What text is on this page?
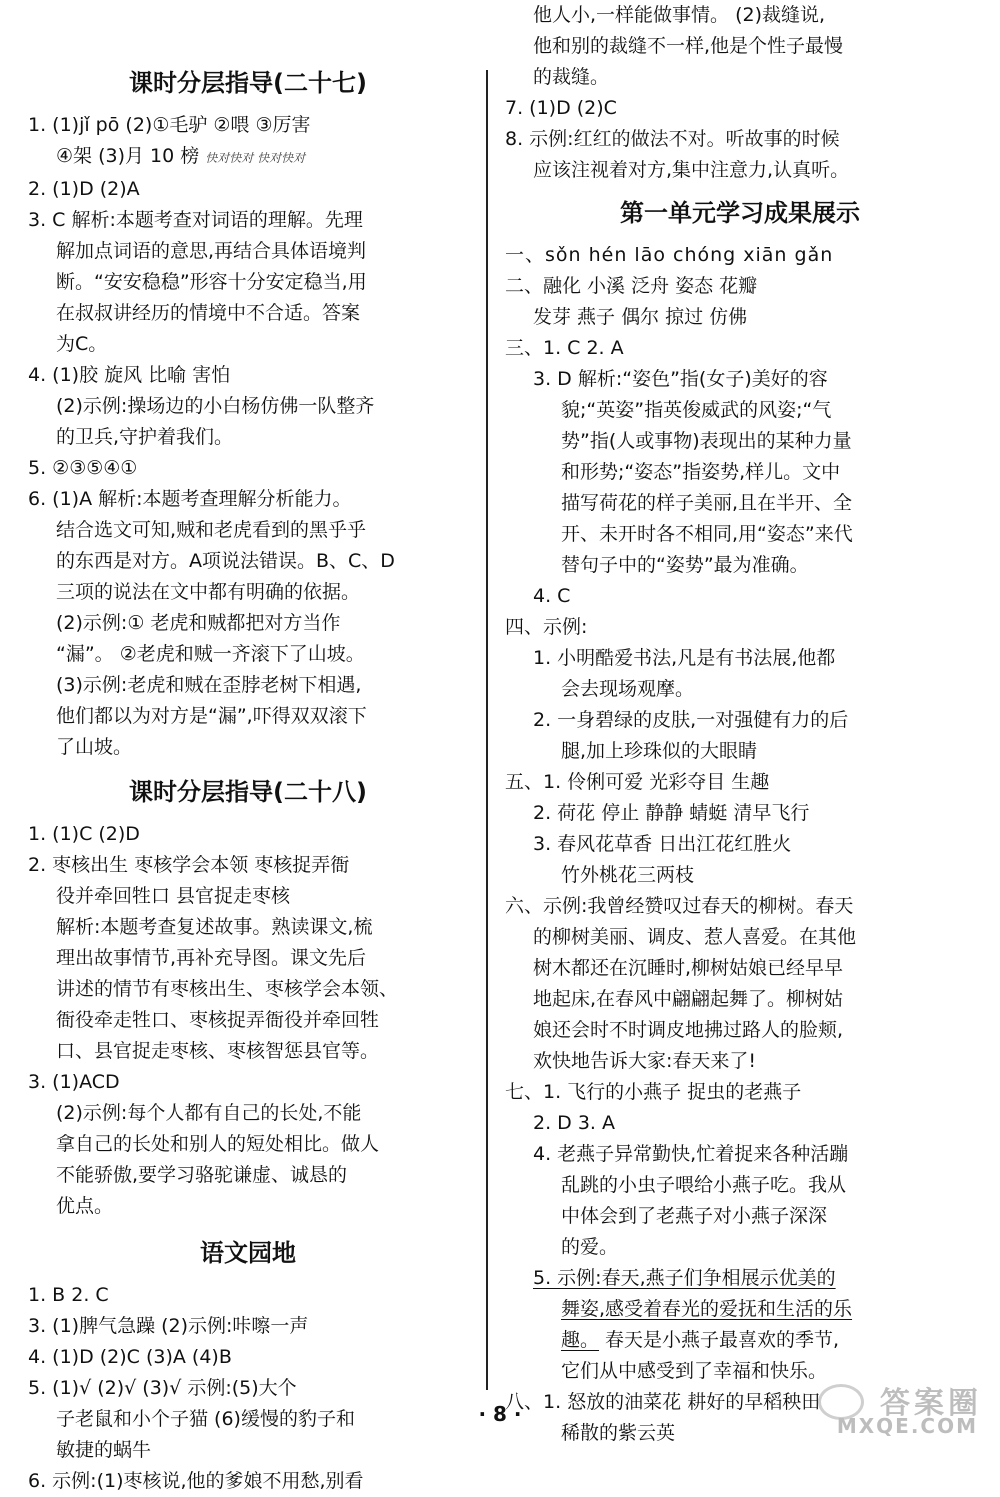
课时分层指导(二十七)
1. (1)jǐ pō (2)①毛驴 ②喂 ③厉害
④架 (3)月 10 榜 快对快对 快对快对
2. (1)D (2)A
3. C 解析:本题考查对词语的理解。先理
解加点词语的意思,再结合具体语境判
断。“安安稳稳”形容十分安定稳当,用
在叔叔讲经历的情境中不合适。答案
为C。
4. (1)胶 旋风 比喻 害怕
(2)示例:操场边的小白杨仿佛一队整齐
的卫兵,守护着我们。
5. ②③⑤④①
6. (1)A 解析:本题考查理解分析能力。
结合选文可知,贼和老虎看到的黑乎乎
的东西是对方。A项说法错误。B、C、D
三项的说法在文中都有明确的依据。
(2)示例:① 老虎和贼都把对方当作
“漏”。 ②老虎和贼一齐滚下了山坡。
(3)示例:老虎和贼在歪脖老树下相遇,
他们都以为对方是“漏”,吓得双双滚下
了山坡。
课时分层指导(二十八)
1. (1)C (2)D
2. 枣核出生 枣核学会本领 枣核捉弄衙
役并牵回牲口 县官捉走枣核
解析:本题考查复述故事。熟读课文,梳
理出故事情节,再补充导图。课文先后
讲述的情节有枣核出生、枣核学会本领、
衙役牵走牲口、枣核捉弄衙役并牵回牲
口、县官捉走枣核、枣核智惩县官等。
3. (1)ACD
(2)示例:每个人都有自己的长处,不能
拿自己的长处和别人的短处相比。做人
不能骄傲,要学习骆驼谦虚、诚恳的
优点。
语文园地
1. B 2. C
3. (1)脾气急躁 (2)示例:咔嚓一声
4. (1)D (2)C (3)A (4)B
5. (1)√ (2)√ (3)√ 示例:(5)大个
子老鼠和小个子猫 (6)缓慢的豹子和
敏捷的蜗牛
6. 示例:(1)枣核说,他的爹娘不用愁,别看
他人小,一样能做事情。 (2)裁缝说,
他和别的裁缝不一样,他是个性子最慢
的裁缝。
7. (1)D (2)C
8. 示例:红红的做法不对。听故事的时候
应该注视着对方,集中注意力,认真听。
第一单元学习成果展示
一、sǒn hén lāo chóng xiān gǎn
二、融化 小溪 泛舟 姿态 花瓣
发芽 燕子 偶尔 掠过 仿佛
三、1. C 2. A
3. D 解析:“姿色”指(女子)美好的容
貌;“英姿”指英俊威武的风姿;“气
势”指(人或事物)表现出的某种力量
和形势;“姿态”指姿势,样儿。文中
描写荷花的样子美丽,且在半开、全
开、未开时各不相同,用“姿态”来代
替句子中的“姿势”最为准确。
4. C
四、示例:
1. 小明酷爱书法,凡是有书法展,他都
会去现场观摩。
2. 一身碧绿的皮肤,一对强健有力的后
腿,加上珍珠似的大眼睛
五、1. 伶俐可爱 光彩夺目 生趣
2. 荷花 停止 静静 蜻蜓 清早飞行
3. 春风花草香 日出江花红胜火
竹外桃花三两枝
六、示例:我曾经赞叹过春天的柳树。春天
的柳树美丽、调皮、惹人喜爱。在其他
树木都还在沉睡时,柳树姑娘已经早早
地起床,在春风中翩翩起舞了。柳树姑
娘还会时不时调皮地拂过路人的脸颊,
欢快地告诉大家:春天来了!
七、1. 飞行的小燕子 捉虫的老燕子
2. D 3. A
4. 老燕子异常勤快,忙着捉来各种活蹦
乱跳的小虫子喂给小燕子吃。我从
中体会到了老燕子对小燕子深深
的爱。
5. 示例:春天,燕子们争相展示优美的
舞姿,感受着春光的爱抚和生活的乐
趣。 春天是小燕子最喜欢的季节,
它们从中感受到了幸福和快乐。
八、1. 怒放的油菜花 耕好的早稻秧田
稀散的紫云英
· 8 ·	答案圈
MXQE.COM
